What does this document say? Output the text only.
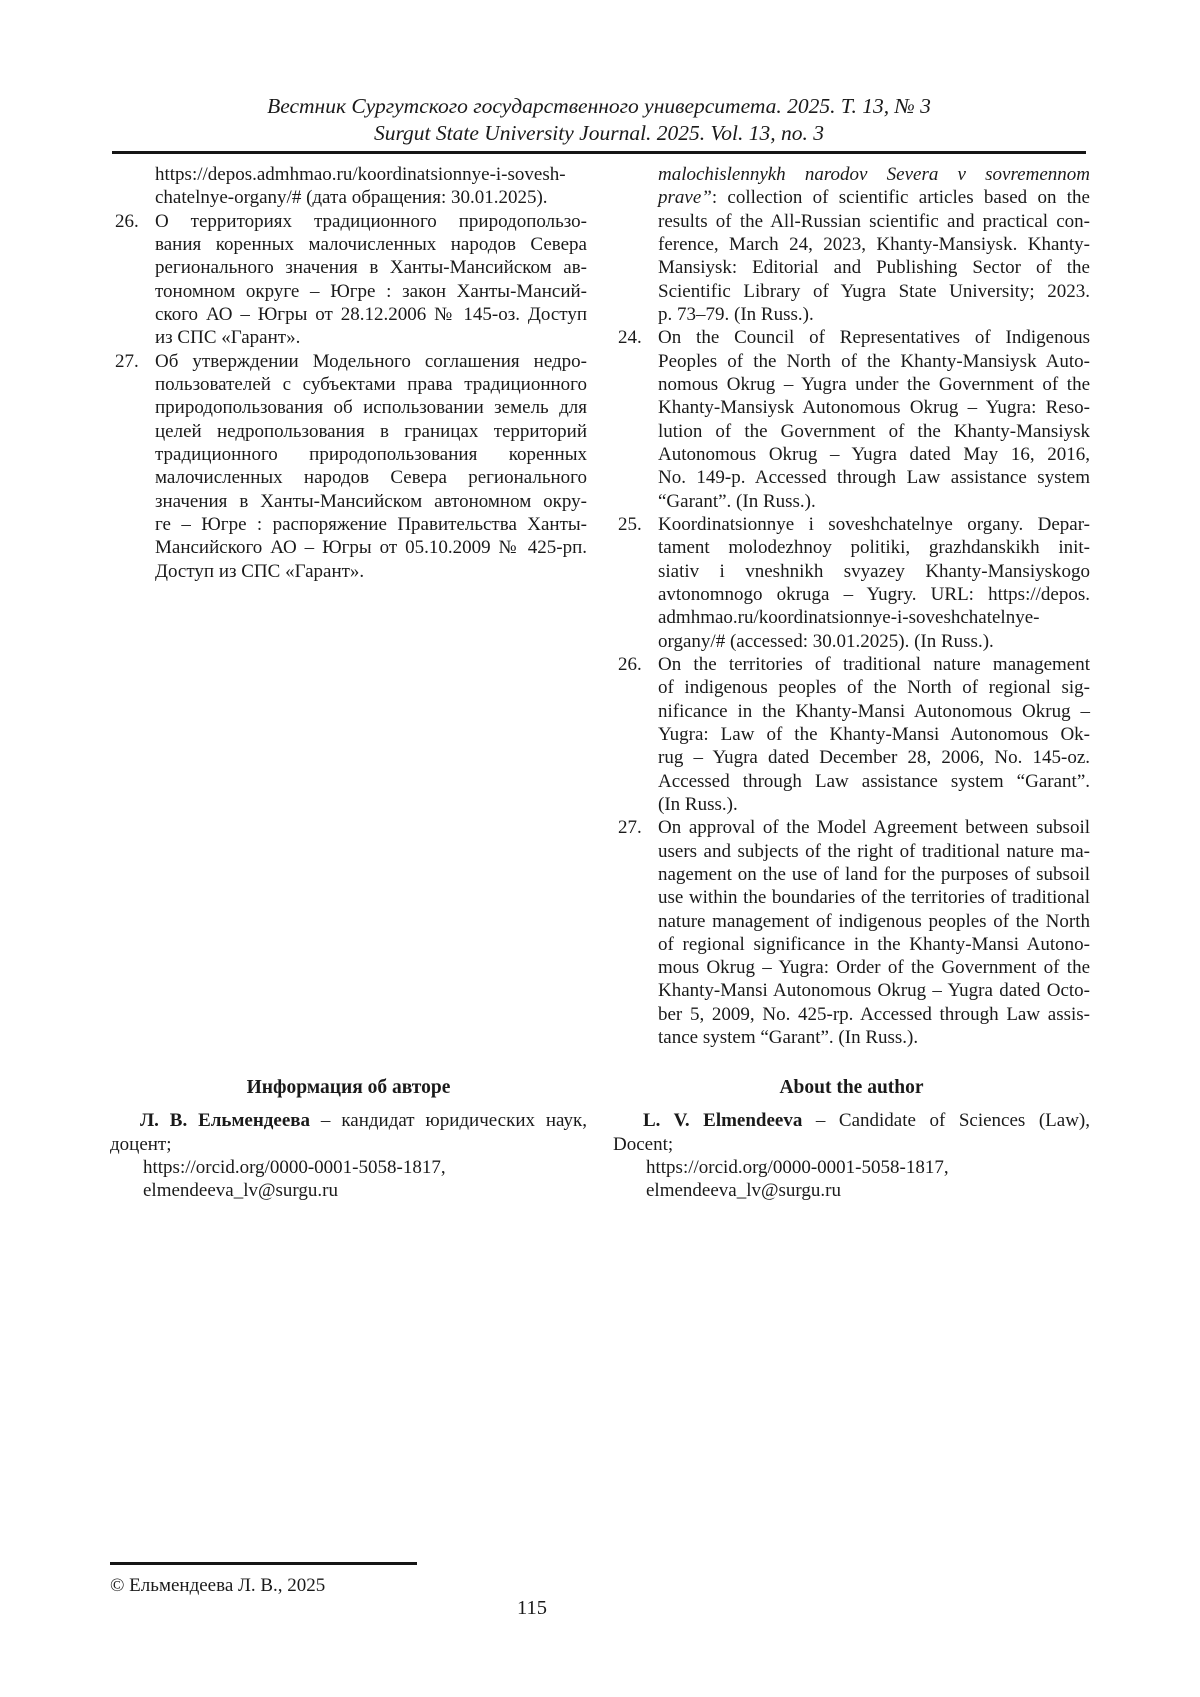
Вестник Сургутского государственного университета. 2025. Т. 13, № 3
Surgut State University Journal. 2025. Vol. 13, no. 3
https://depos.admhmao.ru/koordinatsionnye-i-sovesh-
chatelnye-organy/# (дата обращения: 30.01.2025).
26. О территориях традиционного природопользо-
вания коренных малочисленных народов Севера
регионального значения в Ханты-Мансийском ав-
тономном округе – Югре : закон Ханты-Мансий-
ского АО – Югры от 28.12.2006 № 145-оз. Доступ
из СПС «Гарант».
27. Об утверждении Модельного соглашения недро-
пользователей с субъектами права традиционного
природопользования об использовании земель для
целей недропользования в границах территорий
традиционного природопользования коренных
малочисленных народов Севера регионального
значения в Ханты-Мансийском автономном окру-
ге – Югре : распоряжение Правительства Ханты-
Мансийского АО – Югры от 05.10.2009 № 425-рп.
Доступ из СПС «Гарант».
malochislennykh narodov Severa v sovremennom
prave”: collection of scientific articles based on the
results of the All-Russian scientific and practical con-
ference, March 24, 2023, Khanty-Mansiysk. Khanty-
Mansiysk: Editorial and Publishing Sector of the
Scientific Library of Yugra State University; 2023.
p. 73–79. (In Russ.).
24. On the Council of Representatives of Indigenous
Peoples of the North of the Khanty-Mansiysk Auto-
nomous Okrug – Yugra under the Government of the
Khanty-Mansiysk Autonomous Okrug – Yugra: Reso-
lution of the Government of the Khanty-Mansiysk
Autonomous Okrug – Yugra dated May 16, 2016,
No. 149-p. Accessed through Law assistance system
“Garant”. (In Russ.).
25. Koordinatsionnye i soveshchatelnye organy. Depar-
tament molodezhnoy politiki, grazhdanskikh init-
siativ i vneshnikh svyazey Khanty-Mansiyskogo
avtonomnogo okruga – Yugry. URL: https://depos.
admhmao.ru/koordinatsionnye-i-soveshchatelnye-
organy/# (accessed: 30.01.2025). (In Russ.).
26. On the territories of traditional nature management
of indigenous peoples of the North of regional sig-
nificance in the Khanty-Mansi Autonomous Okrug –
Yugra: Law of the Khanty-Mansi Autonomous Ok-
rug – Yugra dated December 28, 2006, No. 145-oz.
Accessed through Law assistance system “Garant”.
(In Russ.).
27. On approval of the Model Agreement between subsoil
users and subjects of the right of traditional nature ma-
nagement on the use of land for the purposes of subsoil
use within the boundaries of the territories of traditional
nature management of indigenous peoples of the North
of regional significance in the Khanty-Mansi Autono-
mous Okrug – Yugra: Order of the Government of the
Khanty-Mansi Autonomous Okrug – Yugra dated Octo-
ber 5, 2009, No. 425-rp. Accessed through Law assis-
tance system “Garant”. (In Russ.).
Информация об авторе
Л. В. Ельмендеева – кандидат юридических наук,
доцент;
https://orcid.org/0000-0001-5058-1817,
elmendeeva_lv@surgu.ru
About the author
L. V. Elmendeeva – Candidate of Sciences (Law),
Docent;
https://orcid.org/0000-0001-5058-1817,
elmendeeva_lv@surgu.ru
© Ельмендеева Л. В., 2025
115
